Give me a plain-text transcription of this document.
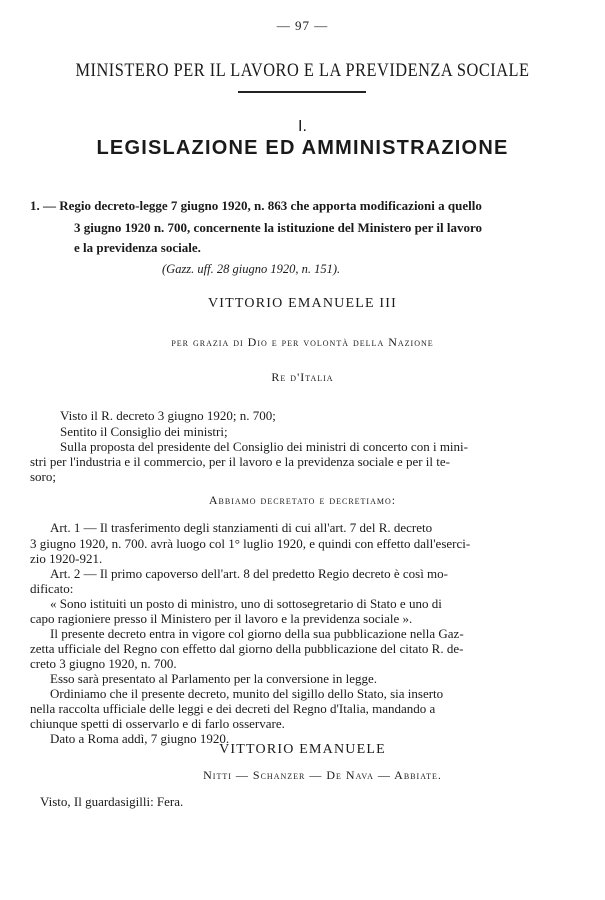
— 97 —
MINISTERO PER IL LAVORO E LA PREVIDENZA SOCIALE
I.
LEGISLAZIONE ED AMMINISTRAZIONE
1. — Regio decreto-legge 7 giugno 1920, n. 863 che apporta modificazioni a quello
3 giugno 1920 n. 700, concernente la istituzione del Ministero per il lavoro
e la previdenza sociale.
(Gazz. uff. 28 giugno 1920, n. 151).
VITTORIO EMANUELE III
per grazia di Dio e per volontà della Nazione
Re d'Italia
Visto il R. decreto 3 giugno 1920; n. 700;
Sentito il Consiglio dei ministri;
Sulla proposta del presidente del Consiglio dei ministri di concerto con i mini-
stri per l'industria e il commercio, per il lavoro e la previdenza sociale e per il te-
soro;
Abbiamo decretato e decretiamo:
Art. 1 — Il trasferimento degli stanziamenti di cui all'art. 7 del R. decreto
3 giugno 1920, n. 700. avrà luogo col 1° luglio 1920, e quindi con effetto dall'eserci-
zio 1920-921.
Art. 2 — Il primo capoverso dell'art. 8 del predetto Regio decreto è così mo-
dificato:
« Sono istituiti un posto di ministro, uno di sottosegretario di Stato e uno di
capo ragioniere presso il Ministero per il lavoro e la previdenza sociale ».
Il presente decreto entra in vigore col giorno della sua pubblicazione nella Gaz-
zetta ufficiale del Regno con effetto dal giorno della pubblicazione del citato R. de-
creto 3 giugno 1920, n. 700.
Esso sarà presentato al Parlamento per la conversione in legge.
Ordiniamo che il presente decreto, munito del sigillo dello Stato, sia inserto
nella raccolta ufficiale delle leggi e dei decreti del Regno d'Italia, mandando a
chiunque spetti di osservarlo e di farlo osservare.
Dato a Roma addì, 7 giugno 1920.
VITTORIO EMANUELE
Nitti — Schanzer — De Nava — Abbiate.
Visto, Il guardasigilli: Fera.
